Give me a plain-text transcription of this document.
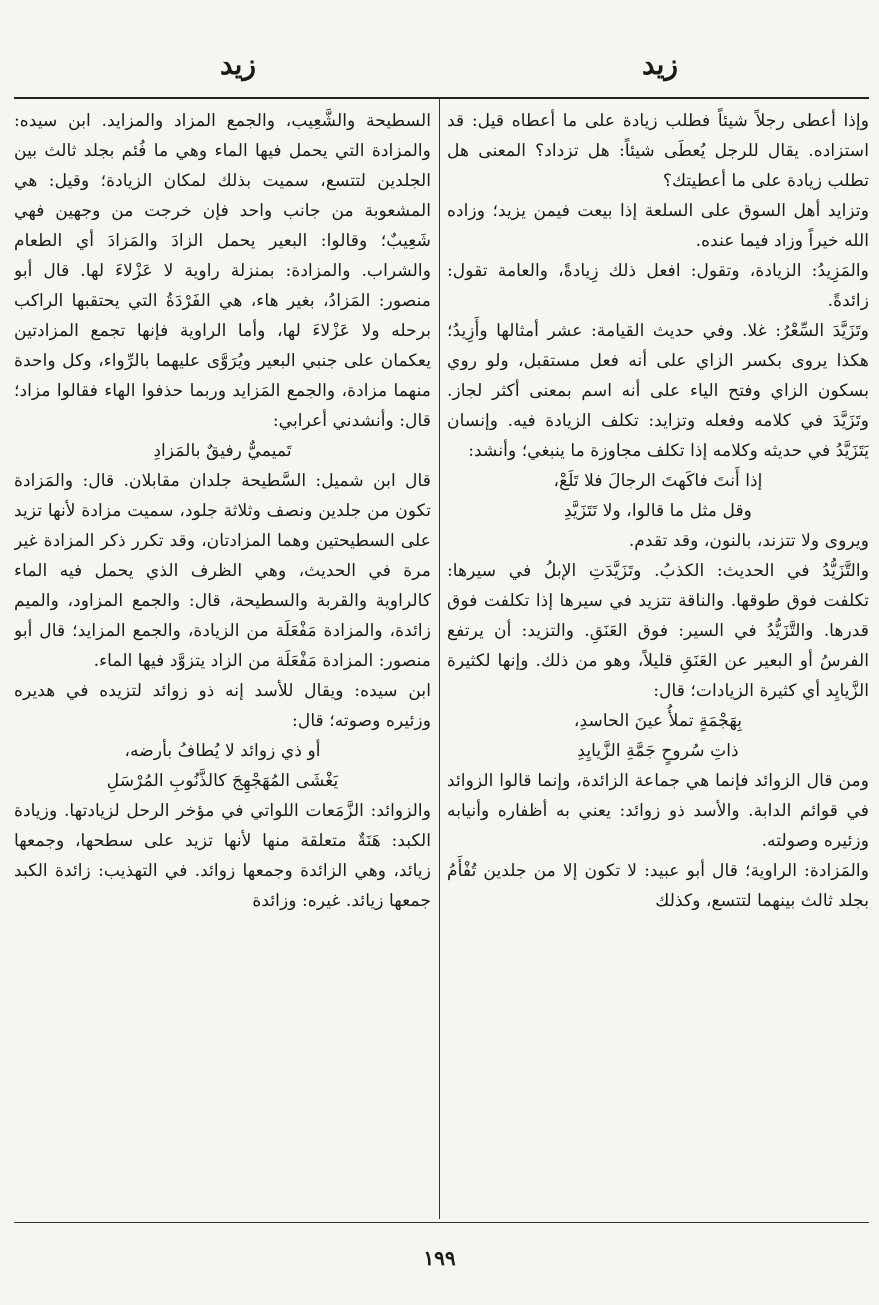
زيد
زيد

وإذا أعطى رجلاً شيئاً فطلب زيادة على ما أعطاه قيل: قد استزاده. يقال للرجل يُعطَى شيئاً: هل تزداد؟ المعنى هل تطلب زيادة على ما أعطيتك؟

وتزايد أهل السوق على السلعة إذا بيعت فيمن يزيد؛ وزاده الله خيراً وزاد فيما عنده.

والمَزِيدُ: الزيادة، وتقول: افعل ذلك زِيادةً، والعامة تقول: زائدةً.

وتَزَيَّدَ السِّعْرُ: غلا. وفي حديث القيامة: عشر أمثالها وأَزِيدُ؛ هكذا يروى بكسر الزاي على أنه فعل مستقبل، ولو روي بسكون الزاي وفتح الياء على أنه اسم بمعنى أكثر لجاز. وتَزَيَّدَ في كلامه وفعله وتزايد: تكلف الزيادة فيه. وإنسان يَتَزَيَّدُ في حديثه وكلامه إذا تكلف مجاوزة ما ينبغي؛ وأنشد:

إذا أَنتَ فاكَهتَ الرجالَ فلا تَلَعْ،

وقل مثل ما قالوا، ولا تَتَزَيَّدِ

ويروى ولا تتزند، بالنون، وقد تقدم.

والتَّزَيُّدُ في الحديث: الكذبُ. وتَزَيَّدَتِ الإبلُ في سيرها: تكلفت فوق طوقها. والناقة تتزيد في سيرها إذا تكلفت فوق قدرها. والتَّزَيُّدُ في السير: فوق العَنَقِ. والتزيد: أن يرتفع الفرسُ أو البعير عن العَنَقِ قليلاً، وهو من ذلك. وإنها لكثيرة الزَّيايِد أي كثيرة الزيادات؛ قال:

بِهَجْمَةٍ تملأُ عينَ الحاسدِ،

ذاتِ سُروحٍ جَمَّةِ الزَّيايِدِ

ومن قال الزوائد فإنما هي جماعة الزائدة، وإنما قالوا الزوائد في قوائم الدابة. والأسد ذو زوائد: يعني به أظفاره وأنيابه وزئيره وصولته.

والمَزادة: الراوية؛ قال أبو عبيد: لا تكون إلا من جلدين تُفْأَمُ بجلد ثالث بينهما لتتسع، وكذلك

السطيحة والشَّعِيب، والجمع المزاد والمزايد. ابن سيده: والمزادة التي يحمل فيها الماء وهي ما فُئم بجلد ثالث بين الجلدين لتتسع، سميت بذلك لمكان الزيادة؛ وقيل: هي المشعوبة من جانب واحد فإن خرجت من وجهين فهي شَعِيبٌ؛ وقالوا: البعير يحمل الزادَ والمَزادَ أي الطعام والشراب. والمزادة: بمنزلة راوية لا عَزْلاءَ لها. قال أبو منصور: المَزادُ، بغير هاء، هي الفَرْدَةُ التي يحتقبها الراكب برحله ولا عَزْلاءَ لها، وأما الراوية فإنها تجمع المزادتين يعكمان على جنبي البعير ويُرَوَّى عليهما بالرِّواء، وكل واحدة منهما مزادة، والجمع المَزايد وربما حذفوا الهاء فقالوا مزاد؛ قال: وأنشدني أعرابي:

تَميميٌّ رفيقٌ بالمَزادِ

قال ابن شميل: السَّطيحة جلدان مقابلان. قال: والمَزادة تكون من جلدين ونصف وثلاثة جلود، سميت مزادة لأنها تزيد على السطيحتين وهما المزادتان، وقد تكرر ذكر المزادة غير مرة في الحديث، وهي الظرف الذي يحمل فيه الماء كالراوية والقربة والسطيحة، قال: والجمع المزاود، والميم زائدة، والمزادة مَفْعَلَة من الزيادة، والجمع المزايد؛ قال أبو منصور: المزادة مَفْعَلَة من الزاد يتزوَّد فيها الماء.

ابن سيده: ويقال للأسد إنه ذو زوائد لتزيده في هديره وزئيره وصوته؛ قال:

أو ذي زوائد لا يُطافُ بأرضه،

يَغْشَى المُهَجْهِجَ كالذَّنُوبِ المُرْسَلِ

والزوائد: الزَّمَعات اللواتي في مؤخر الرحل لزيادتها. وزيادة الكبد: هَنَةٌ متعلقة منها لأنها تزيد على سطحها، وجمعها زيائد، وهي الزائدة وجمعها زوائد. في التهذيب: زائدة الكبد جمعها زيائد. غيره: وزائدة

١٩٩
